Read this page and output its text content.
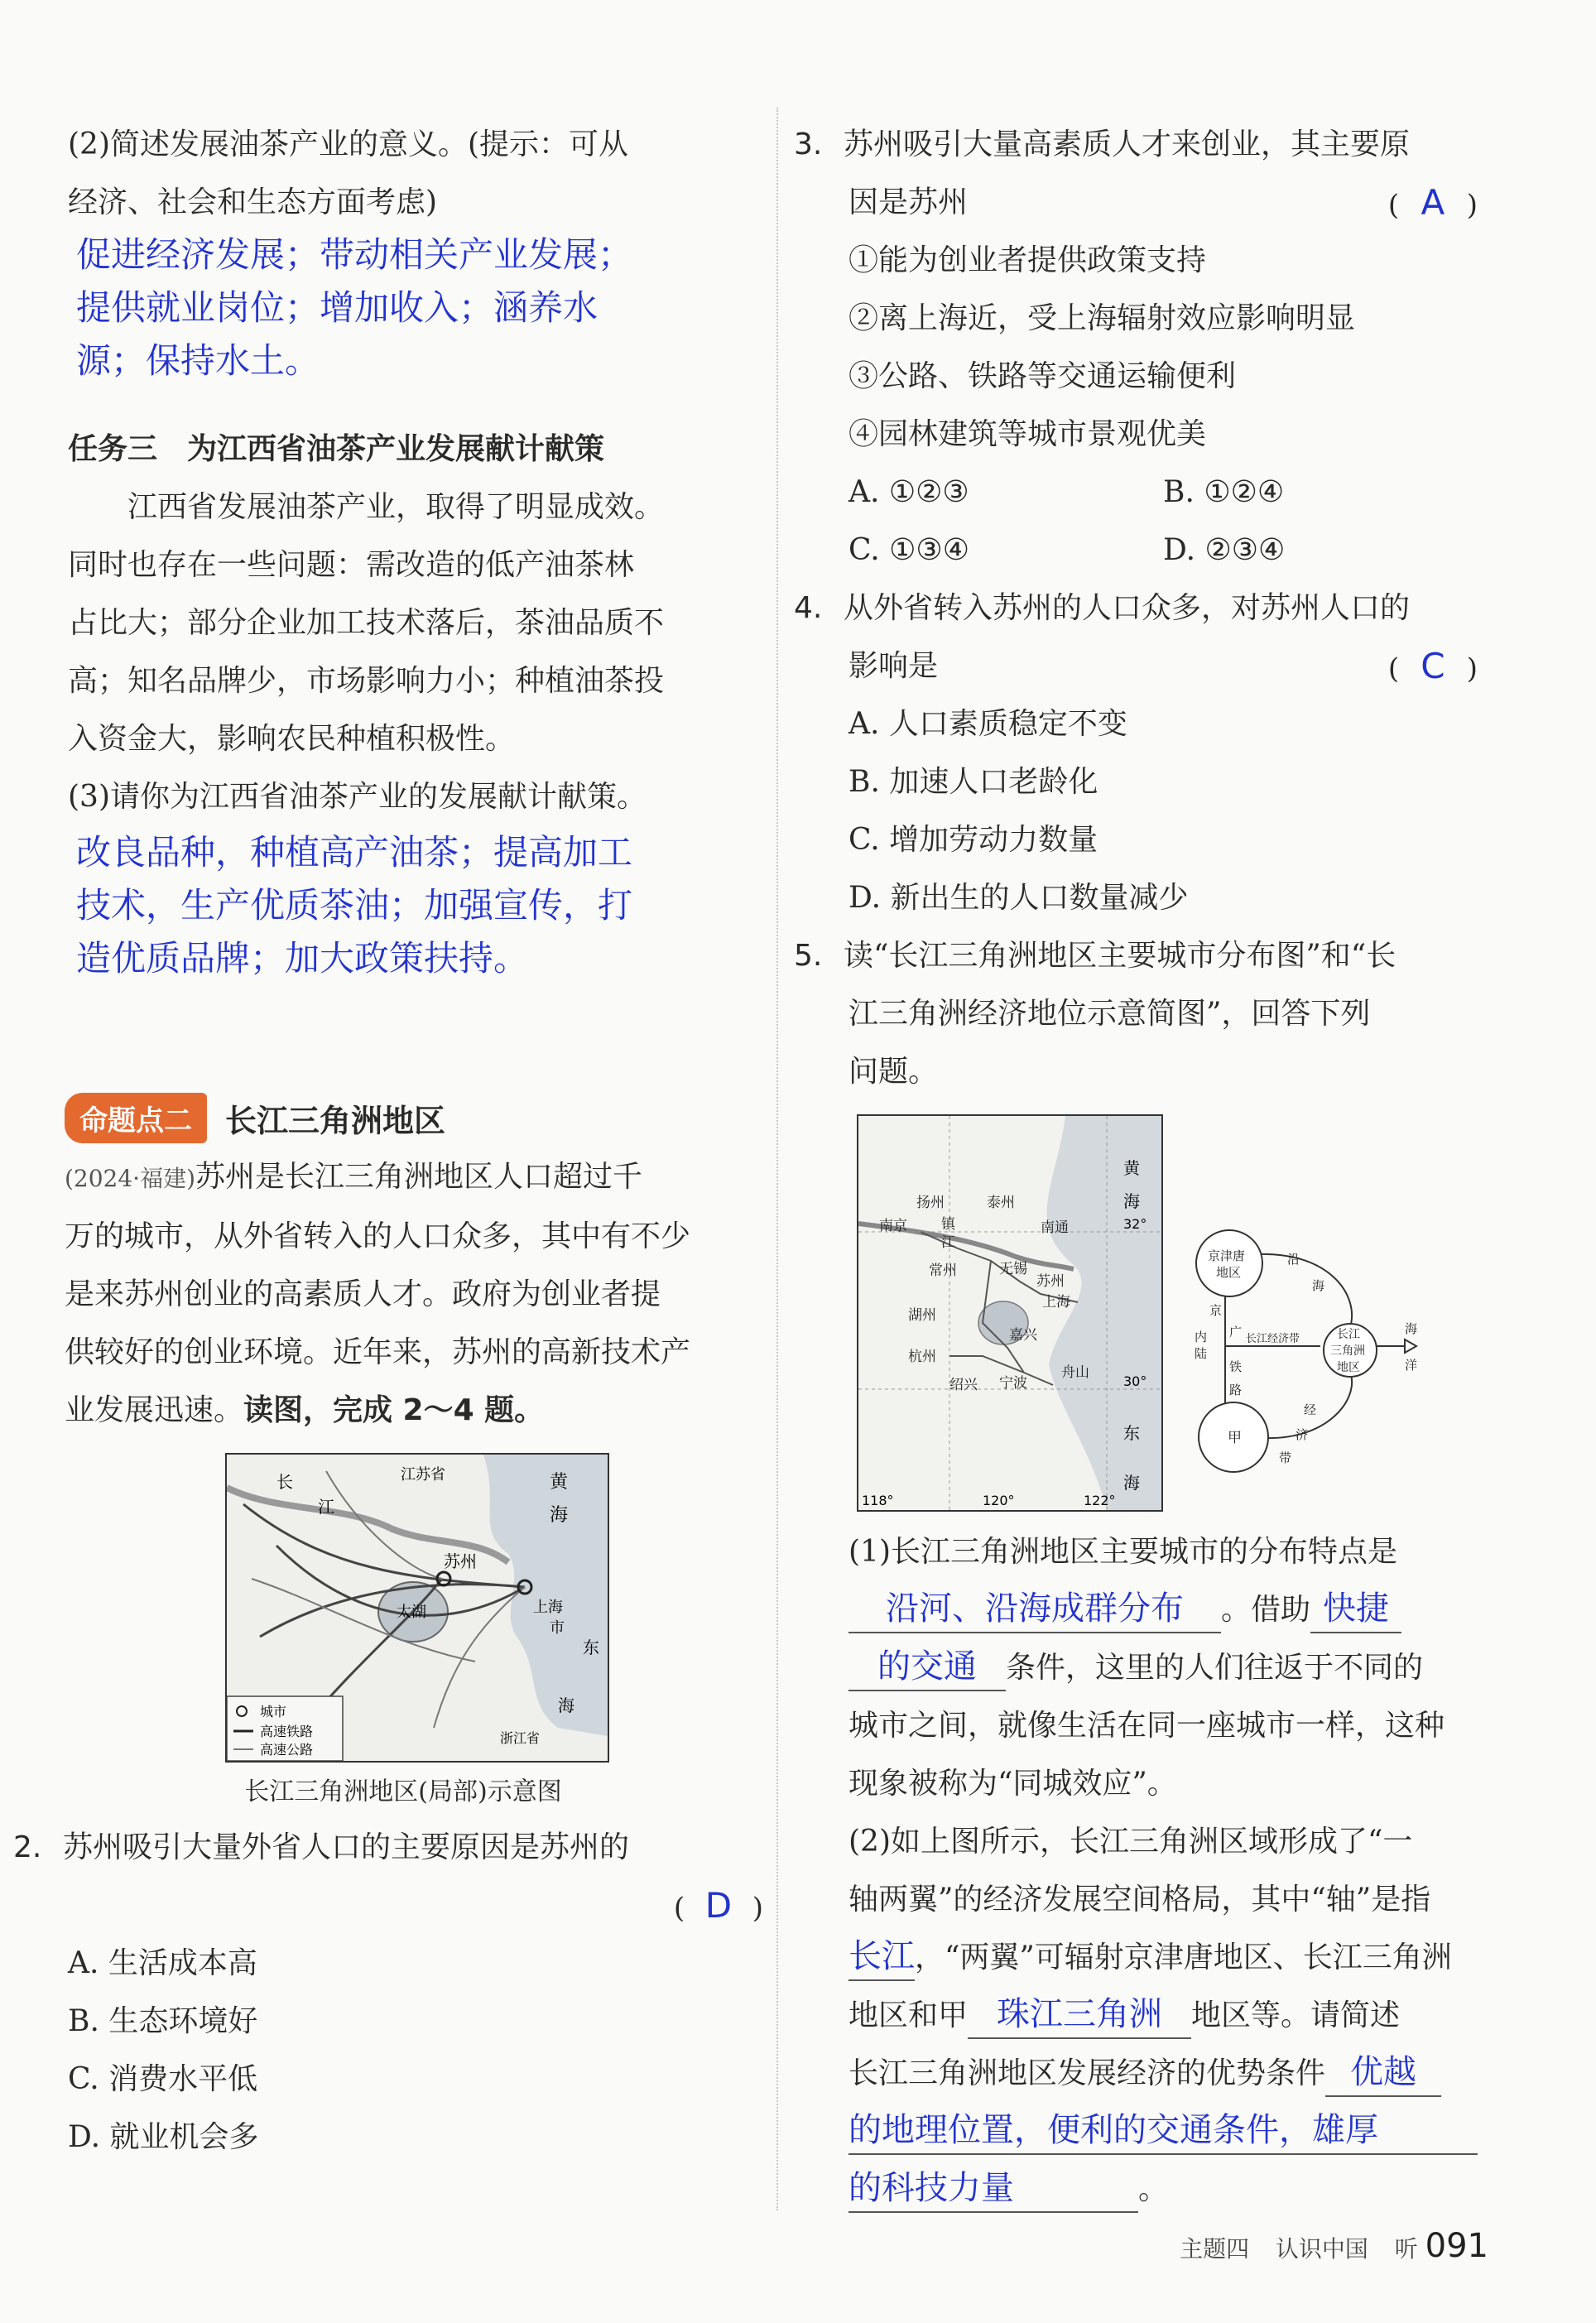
(2)简述发展油茶产业的意义。(提示：可从
经济、社会和生态方面考虑)
促进经济发展；带动相关产业发展；
提供就业岗位；增加收入；涵养水
源；保持水土。
任务三　为江西省油茶产业发展献计献策
江西省发展油茶产业，取得了明显成效。
同时也存在一些问题：需改造的低产油茶林
占比大；部分企业加工技术落后，茶油品质不
高；知名品牌少，市场影响力小；种植油茶投
入资金大，影响农民种植积极性。
(3)请你为江西省油茶产业的发展献计献策。
改良品种，种植高产油茶；提高加工
技术，生产优质茶油；加强宣传，打
造优质品牌；加大政策扶持。
命题点二	长江三角洲地区
(2024·福建)苏州是长江三角洲地区人口超过千
万的城市，从外省转入的人口众多，其中有不少
是来苏州创业的高素质人才。政府为创业者提
供较好的创业环境。近年来，苏州的高新技术产
业发展迅速。读图，完成 2～4 题。
长
江
江苏省	黄
海
苏州
太湖	上海
市
东
海
浙江省
城市
高速铁路
高速公路
长江三角洲地区(局部)示意图
2. 苏州吸引大量外省人口的主要原因是苏州的
( D )
A. 生活成本高
B. 生态环境好
C. 消费水平低
D. 就业机会多
3. 苏州吸引大量高素质人才来创业，其主要原
因是苏州	( A )
①能为创业者提供政策支持
②离上海近，受上海辐射效应影响明显
③公路、铁路等交通运输便利
④园林建筑等城市景观优美
A. ①②③	B. ①②④
C. ①③④	D. ②③④
4. 从外省转入苏州的人口众多，对苏州人口的
影响是	( C )
A. 人口素质稳定不变
B. 加速人口老龄化
C. 增加劳动力数量
D. 新出生的人口数量减少
5. 读“长江三角洲地区主要城市分布图”和“长
江三角洲经济地位示意简图”，回答下列
问题。
扬州	泰州
南通
南京 镇
江
常州	无锡
苏州
上海
湖州
嘉兴
杭州
绍兴 宁波
舟山
黄
海
东
海
32°
30°
118°	120°	122°
京津唐
地区
沿
海
京
广
铁
路
内
陆
长江经济带	长江
三角洲
地区
海
洋
甲
经
济
带
(1)长江三角洲地区主要城市的分布特点是
沿河、沿海成群分布 。借助 快捷
的交通 条件，这里的人们往返于不同的
城市之间，就像生活在同一座城市一样，这种
现象被称为“同城效应”。
(2)如上图所示，长江三角洲区域形成了“一
轴两翼”的经济发展空间格局，其中“轴”是指
长江，“两翼”可辐射京津唐地区、长江三角洲
地区和甲 珠江三角洲 地区等。请简述
长江三角洲地区发展经济的优势条件 优越
的地理位置，便利的交通条件，雄厚
的科技力量	。
主题四 认识中国 听 091
